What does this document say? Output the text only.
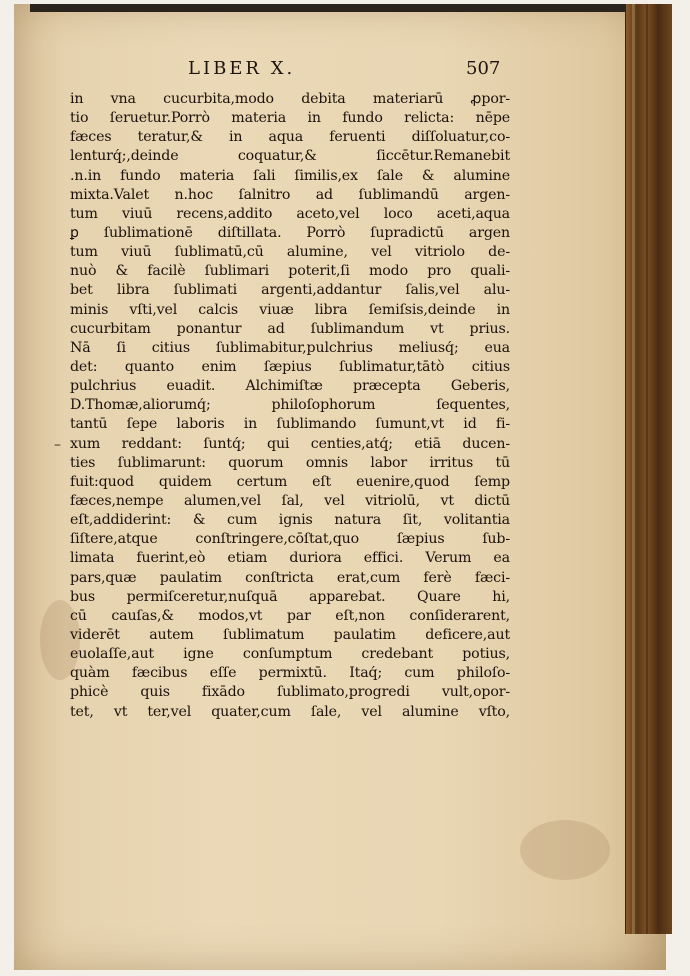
LIBER X.	507
–
in vna cucurbita,modo debita materiarū ꝓpor-
tio ſeruetur.Porrò materia in fundo relicta: nēpe
fæces teratur,& in aqua feruenti diſſoluatur,co-
lenturq́;,deinde coquatur,& ſiccētur.Remanebit
.n.in fundo materia ſali ſimilis,ex ſale & alumine
mixta.Valet n.hoc ſalnitro ad ſublimandū argen-
tum viuū recens,addito aceto,vel loco aceti,aqua
ꝑ ſublimationē diſtillata. Porrò ſupradictū argen
tum viuū ſublimatū,cū alumine, vel vitriolo de-
nuò & facilè ſublimari poterit,ſi modo pro quali-
bet libra ſublimati argenti,addantur ſalis,vel alu-
minis vſti,vel calcis viuæ libra ſemiſsis,deinde in
cucurbitam ponantur ad ſublimandum vt prius.
Nā ſi citius ſublimabitur,pulchrius meliusq́; eua
det: quanto enim ſæpius ſublimatur,tātò citius
pulchrius euadit. Alchimiſtæ præcepta Geberis,
D.Thomæ,aliorumq́; philoſophorum ſequentes,
tantū ſepe laboris in ſublimando ſumunt,vt id fi-
xum reddant: ſuntq́; qui centies,atq́; etiā ducen-
ties ſublimarunt: quorum omnis labor irritus tū
fuit:quod quidem certum eſt euenire,quod ſemp
fæces,nempe alumen,vel ſal, vel vitriolū, vt dictū
eſt,addiderint: & cum ignis natura ſit, volitantia
ſiſtere,atque conſtringere,cōſtat,quo ſæpius ſub-
limata fuerint,eò etiam duriora effici. Verum ea
pars,quæ paulatim conſtricta erat,cum ferè fæci-
bus permiſceretur,nuſquā apparebat. Quare hi,
cū cauſas,& modos,vt par eſt,non conſiderarent,
viderēt autem ſublimatum paulatim deficere,aut
euolaſſe,aut igne conſumptum credebant potius,
quàm fæcibus eſſe permixtū. Itaq́; cum philoſo-
phicè quis fixādo ſublimato,progredi vult,opor-
tet, vt ter,vel quater,cum ſale, vel alumine vſto,
